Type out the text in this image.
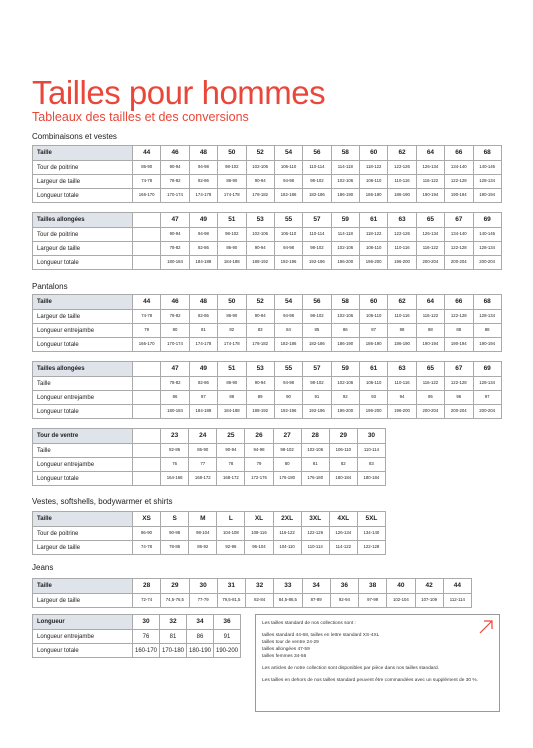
Tailles pour hommes
Tableaux des tailles et des conversions
Combinaisons et vestes
Taille	44	46	48	50	52	54	56	58	60	62	64	66	68
Tour de poitrine	86-90	90-94	94-98	98-102	102-106	106-110	110-114	114-118	118-122	122-126	126-134	134-140	140-146
Largeur de taille	74-78	78-82	82-86	86-90	90-94	94-98	98-102	102-106	106-110	110-116	116-122	122-128	128-134
Longueur totale	166-170	170-174	174-178	174-178	178-182	182-186	182-186	186-190	186-190	186-190	190-194	190-194	190-194
Tailles allongées		47	49	51	53	55	57	59	61	63	65	67	69
Tour de poitrine		90-94	94-98	98-102	102-106	106-110	110-114	114-118	118-122	122-126	126-134	134-140	140-146
Largeur de taille		78-82	82-86	86-90	90-94	94-98	98-102	102-106	106-110	110-116	116-122	122-128	128-134
Longueur totale		180-184	184-188	184-188	188-192	192-196	192-196	196-200	196-200	196-200	200-204	200-204	200-204
Pantalons
Taille	44	46	48	50	52	54	56	58	60	62	64	66	68
Largeur de taille	74-78	78-82	82-86	86-90	90-94	94-98	98-102	102-106	106-110	110-116	116-122	122-128	128-134
Longueur entrejambe	79	80	81	82	83	84	85	86	87	88	88	88	88
Longueur totale	166-170	170-174	174-178	174-178	178-182	182-186	182-186	186-190	186-190	186-190	190-194	190-194	190-194
Tailles allongées		47	49	51	53	55	57	59	61	63	65	67	69
Taille		78-82	82-86	86-90	90-94	94-98	98-102	102-106	106-110	110-116	116-122	122-128	128-134
Longueur entrejambe		86	87	88	89	90	91	92	93	94	95	96	97
Longueur totale		180-184	184-188	184-188	188-192	192-196	192-196	196-200	196-200	196-200	200-204	200-204	200-204
Tour de ventre		23	24	25	26	27	28	29	30
Taille		82-86	86-90	90-94	94-98	98-102	102-106	106-110	110-114
Longueur entrejambe		76	77	78	79	80	81	82	83
Longueur totale		164-168	168-172	168-172	172-176	176-180	176-180	180-184	180-184
Vestes, softshells, bodywarmer et shirts
Taille	XS	S	M	L	XL	2XL	3XL	4XL	5XL
Tour de poitrine	86-90	90-98	98-104	104-108	108-116	116-122	122-126	126-134	134-140
Largeur de taille	74-78	78-86	86-92	92-96	96-104	104-110	110-114	114-122	122-128
Jeans
Taille	28	29	30	31	32	33	34	36	38	40	42	44
Largeur de taille	72-74	74,5-76,5	77-79	79,5-81,5	82-84	84,5-86,5	87-89	92-94	97-99	102-104	107-109	112-114
Longueur	30	32	34	36
Longueur entrejambe	76	81	86	91
Longueur totale	160-170	170-180	180-190	190-200

Les tailles standard de nos collections sont :

tailles standard 44-68, tailles en lettre standard XS-4XL

tailles tour de ventre 24-29

tailles allongées 47-59

tailles femmes 34-56

Les articles de notre collection sont disponibles par pièce dans nos tailles standard.

Les tailles en dehors de nos tailles standard peuvent être commandées avec un supplément de 30 %.
